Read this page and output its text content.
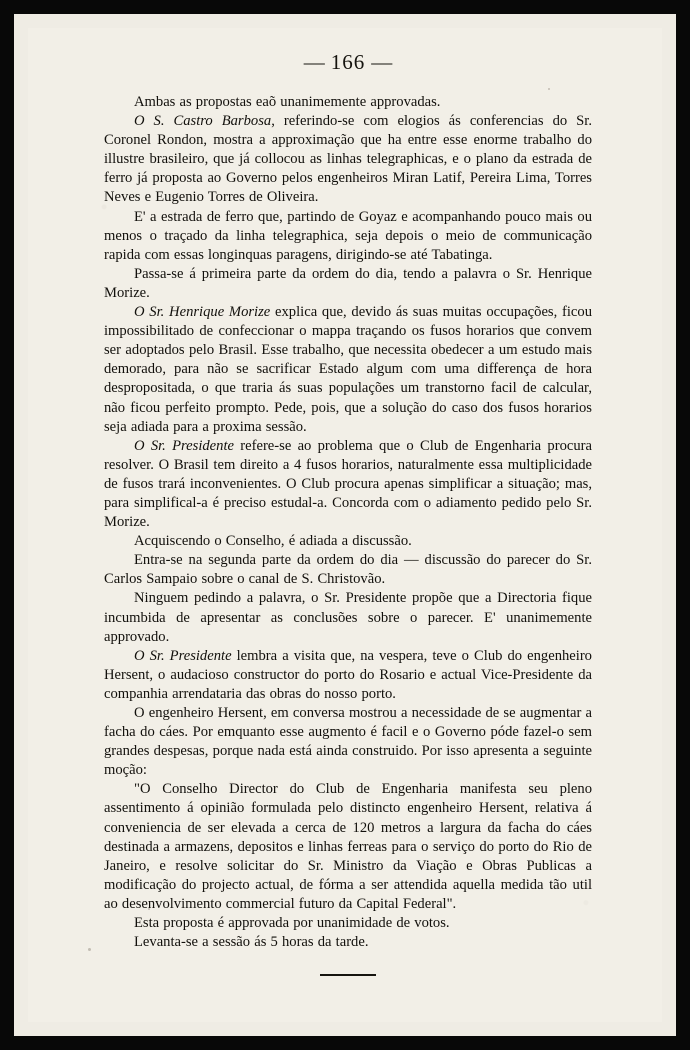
— 166 —

Ambas as propostas eaõ unanimemente approvadas.

O S. Castro Barbosa, referindo-se com elogios ás conferencias do Sr. Coronel Rondon, mostra a approximação que ha entre esse enorme trabalho do illustre brasileiro, que já collocou as linhas telegraphicas, e o plano da estrada de ferro já proposta ao Governo pelos engenheiros Miran Latif, Pereira Lima, Torres Neves e Eugenio Torres de Oliveira.

E' a estrada de ferro que, partindo de Goyaz e acompanhando pouco mais ou menos o traçado da linha telegraphica, seja depois o meio de communicação rapida com essas longinquas paragens, dirigindo-se até Tabatinga.

Passa-se á primeira parte da ordem do dia, tendo a palavra o Sr. Henrique Morize.

O Sr. Henrique Morize explica que, devido ás suas muitas occupações, ficou impossibilitado de confeccionar o mappa traçando os fusos horarios que convem ser adoptados pelo Brasil. Esse trabalho, que necessita obedecer a um estudo mais demorado, para não se sacrificar Estado algum com uma differença de hora despropositada, o que traria ás suas populações um transtorno facil de calcular, não ficou perfeito prompto. Pede, pois, que a solução do caso dos fusos horarios seja adiada para a proxima sessão.

O Sr. Presidente refere-se ao problema que o Club de Engenharia procura resolver. O Brasil tem direito a 4 fusos horarios, naturalmente essa multiplicidade de fusos trará inconvenientes. O Club procura apenas simplificar a situação; mas, para simplifical-a é preciso estudal-a. Concorda com o adiamento pedido pelo Sr. Morize.

Acquiscendo o Conselho, é adiada a discussão.

Entra-se na segunda parte da ordem do dia — discussão do parecer do Sr. Carlos Sampaio sobre o canal de S. Christovão.

Ninguem pedindo a palavra, o Sr. Presidente propõe que a Directoria fique incumbida de apresentar as conclusões sobre o parecer. E' unanimemente approvado.

O Sr. Presidente lembra a visita que, na vespera, teve o Club do engenheiro Hersent, o audacioso constructor do porto do Rosario e actual Vice-Presidente da companhia arrendataria das obras do nosso porto.

O engenheiro Hersent, em conversa mostrou a necessidade de se augmentar a facha do cáes. Por emquanto esse augmento é facil e o Governo póde fazel-o sem grandes despesas, porque nada está ainda construido. Por isso apresenta a seguinte moção:

"O Conselho Director do Club de Engenharia manifesta seu pleno assentimento á opinião formulada pelo distincto engenheiro Hersent, relativa á conveniencia de ser elevada a cerca de 120 metros a largura da facha do cáes destinada a armazens, depositos e linhas ferreas para o serviço do porto do Rio de Janeiro, e resolve solicitar do Sr. Ministro da Viação e Obras Publicas a modificação do projecto actual, de fórma a ser attendida aquella medida tão util ao desenvolvimento commercial futuro da Capital Federal".

Esta proposta é approvada por unanimidade de votos.

Levanta-se a sessão ás 5 horas da tarde.
